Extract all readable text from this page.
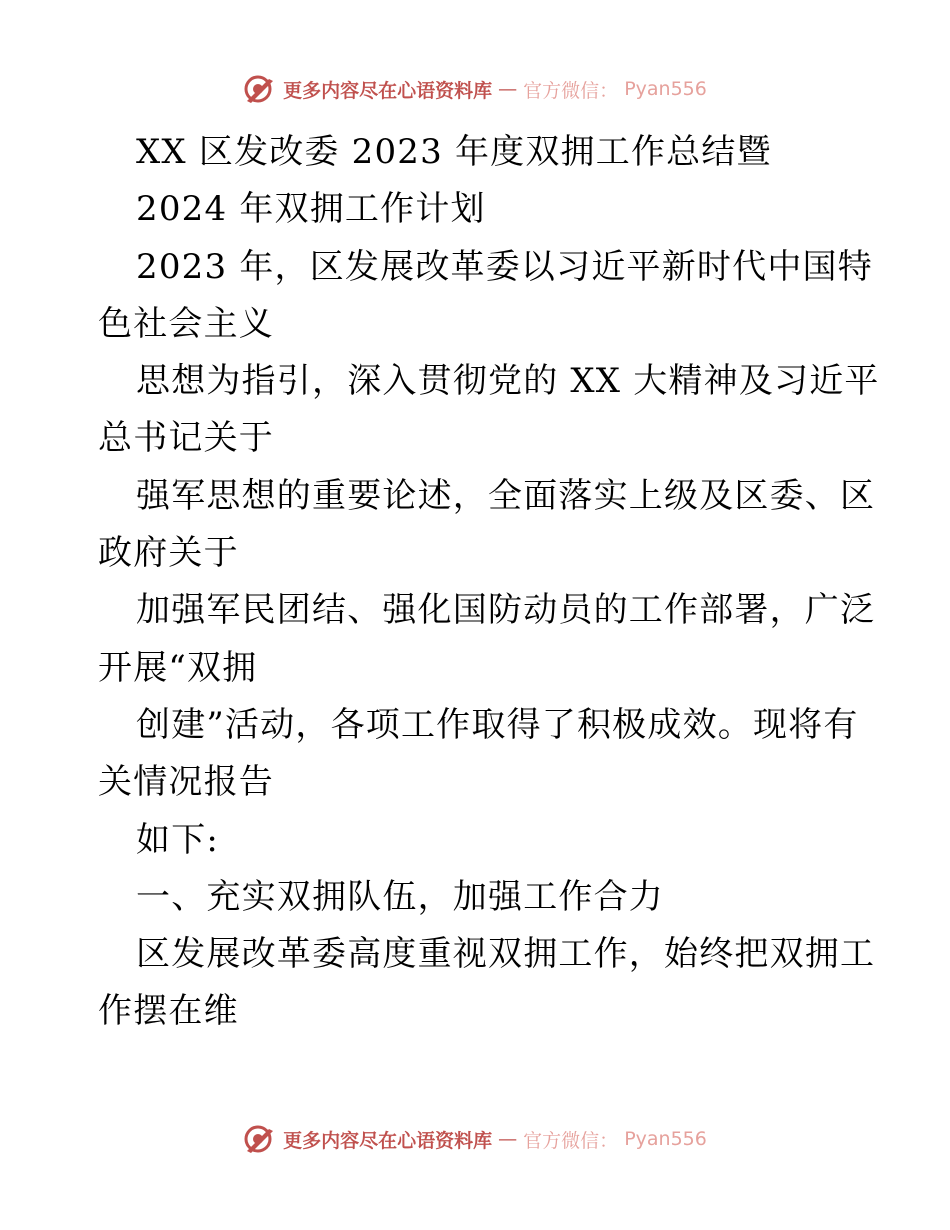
更多内容尽在心语资料库 — 官方微信： Pyan556
XX 区发改委 2023 年度双拥工作总结暨
2024 年双拥工作计划
2023 年，区发展改革委以习近平新时代中国特
色社会主义
思想为指引，深入贯彻党的 XX 大精神及习近平
总书记关于
强军思想的重要论述，全面落实上级及区委、区
政府关于
加强军民团结、强化国防动员的工作部署，广泛
开展“双拥
创建”活动，各项工作取得了积极成效。现将有
关情况报告
如下:
一、充实双拥队伍，加强工作合力
区发展改革委高度重视双拥工作，始终把双拥工
作摆在维
更多内容尽在心语资料库 — 官方微信： Pyan556
